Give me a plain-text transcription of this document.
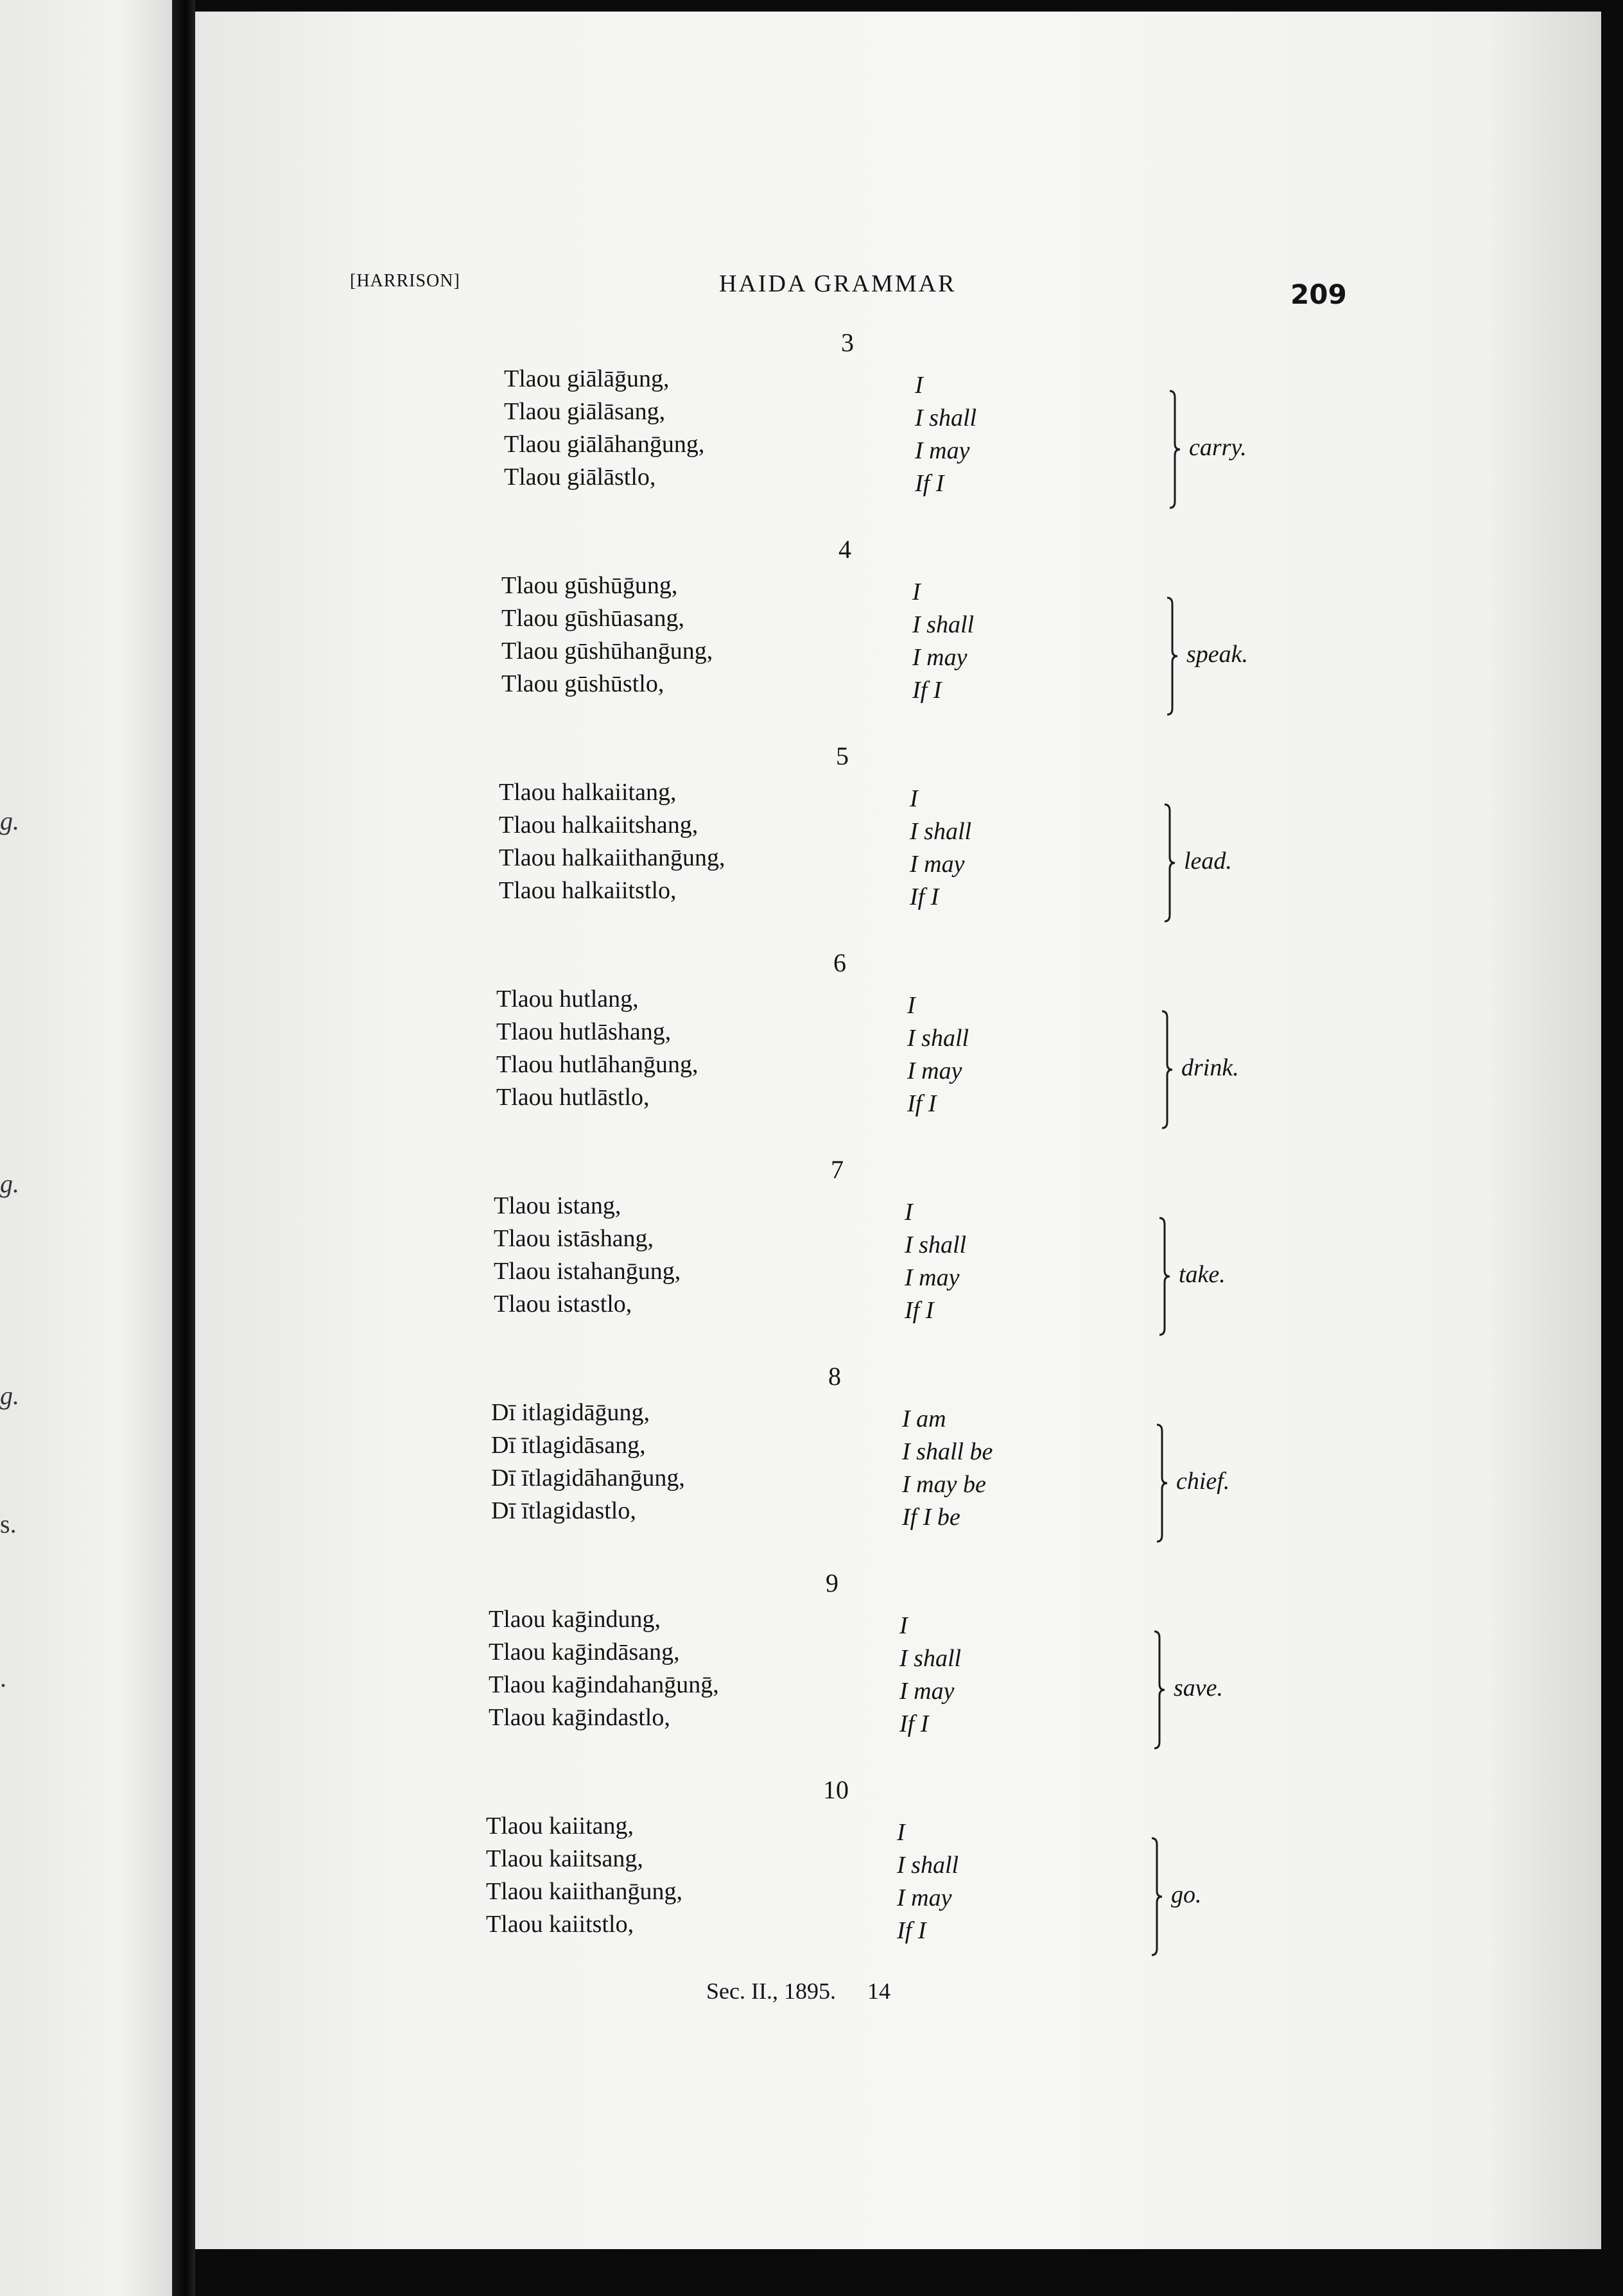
g.
g.
g.
s.
.
[HARRISON]	HAIDA GRAMMAR	209
3
Tlaou giālāḡung,
Tlaou giālāsang,
Tlaou giālāhanḡung,
Tlaou giālāstlo,
I
I shall
I may
If I
carry.
4
Tlaou gūshūḡung,
Tlaou gūshūasang,
Tlaou gūshūhanḡung,
Tlaou gūshūstlo,
I
I shall
I may
If I
speak.
5
Tlaou halkaiitang,
Tlaou halkaiitshang,
Tlaou halkaiithanḡung,
Tlaou halkaiitstlo,
I
I shall
I may
If I
lead.
6
Tlaou hutlang,
Tlaou hutlāshang,
Tlaou hutlāhanḡung,
Tlaou hutlāstlo,
I
I shall
I may
If I
drink.
7
Tlaou istang,
Tlaou istāshang,
Tlaou istahanḡung,
Tlaou istastlo,
I
I shall
I may
If I
take.
8
Dī itlagidāḡung,
Dī ītlagidāsang,
Dī ītlagidāhanḡung,
Dī ītlagidastlo,
I am
I shall be
I may be
If I be
chief.
9
Tlaou kaḡindung,
Tlaou kaḡindāsang,
Tlaou kaḡindahanḡunḡ,
Tlaou kaḡindastlo,
I
I shall
I may
If I
save.
10
Tlaou kaiitang,
Tlaou kaiitsang,
Tlaou kaiithanḡung,
Tlaou kaiitstlo,
I
I shall
I may
If I
go.
Sec. II., 1895. 14
